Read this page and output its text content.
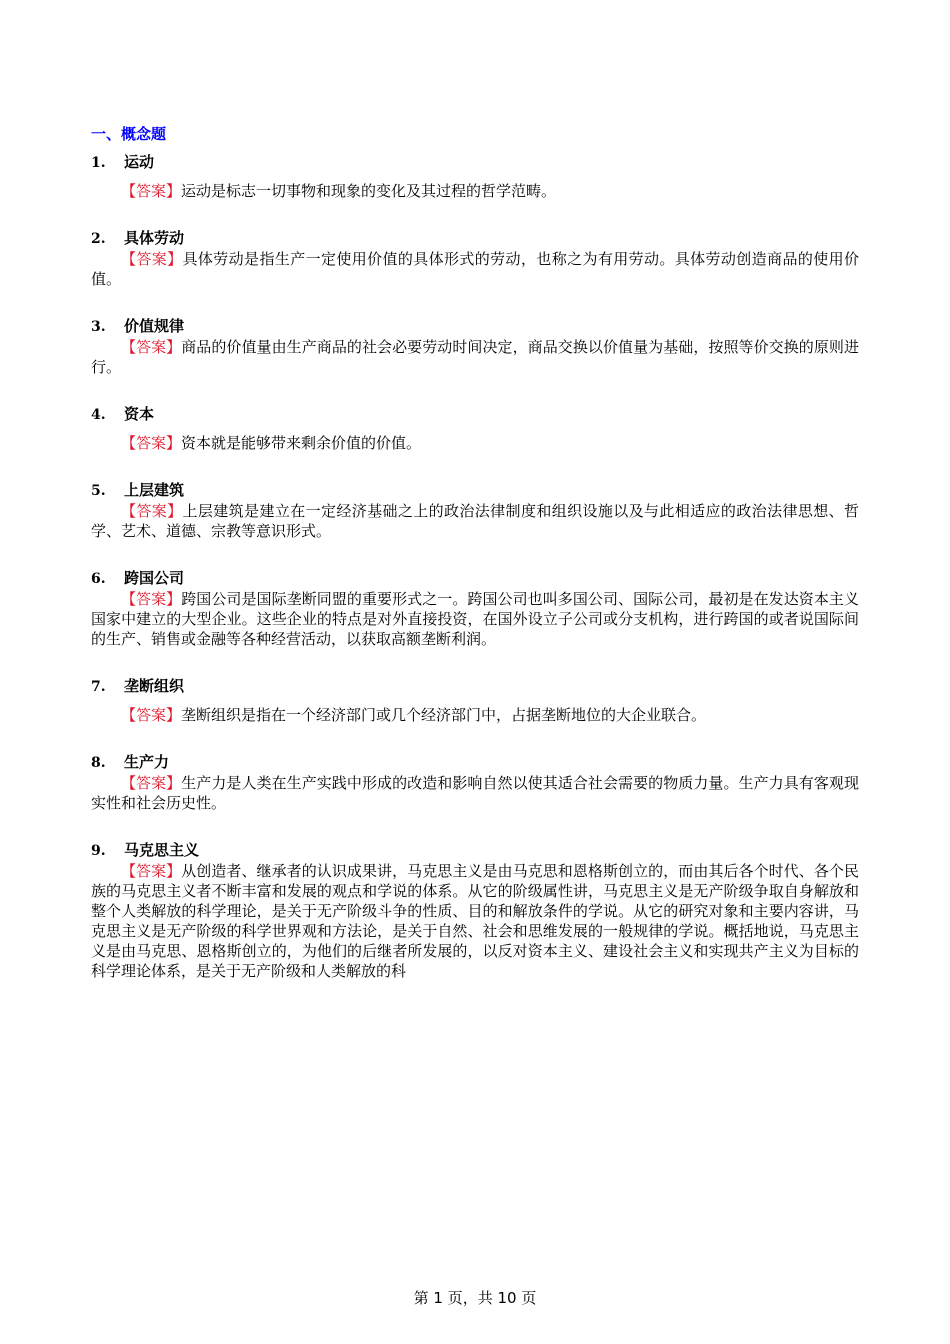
一、概念题
1.	运动

【答案】运动是标志一切事物和现象的变化及其过程的哲学范畴。

2.	具体劳动

【答案】具体劳动是指生产一定使用价值的具体形式的劳动，也称之为有用劳动。具体劳动创造商品的使用价值。

3.	价值规律

【答案】商品的价值量由生产商品的社会必要劳动时间决定，商品交换以价值量为基础，按照等价交换的原则进行。

4.	资本

【答案】资本就是能够带来剩余价值的价值。

5.	上层建筑

【答案】上层建筑是建立在一定经济基础之上的政治法律制度和组织设施以及与此相适应的政治法律思想、哲学、艺术、道德、宗教等意识形式。

6.	跨国公司

【答案】跨国公司是国际垄断同盟的重要形式之一。跨国公司也叫多国公司、国际公司，最初是在发达资本主义国家中建立的大型企业。这些企业的特点是对外直接投资，在国外设立子公司或分支机构，进行跨国的或者说国际间的生产、销售或金融等各种经营活动，以获取高额垄断利润。

7.	垄断组织

【答案】垄断组织是指在一个经济部门或几个经济部门中，占据垄断地位的大企业联合。

8.	生产力

【答案】生产力是人类在生产实践中形成的改造和影响自然以使其适合社会需要的物质力量。生产力具有客观现实性和社会历史性。

9.	马克思主义

【答案】从创造者、继承者的认识成果讲，马克思主义是由马克思和恩格斯创立的，而由其后各个时代、各个民族的马克思主义者不断丰富和发展的观点和学说的体系。从它的阶级属性讲，马克思主义是无产阶级争取自身解放和整个人类解放的科学理论，是关于无产阶级斗争的性质、目的和解放条件的学说。从它的研究对象和主要内容讲，马克思主义是无产阶级的科学世界观和方法论，是关于自然、社会和思维发展的一般规律的学说。概括地说，马克思主义是由马克思、恩格斯创立的，为他们的后继者所发展的，以反对资本主义、建设社会主义和实现共产主义为目标的科学理论体系，是关于无产阶级和人类解放的科

第 1 页，共 10 页
